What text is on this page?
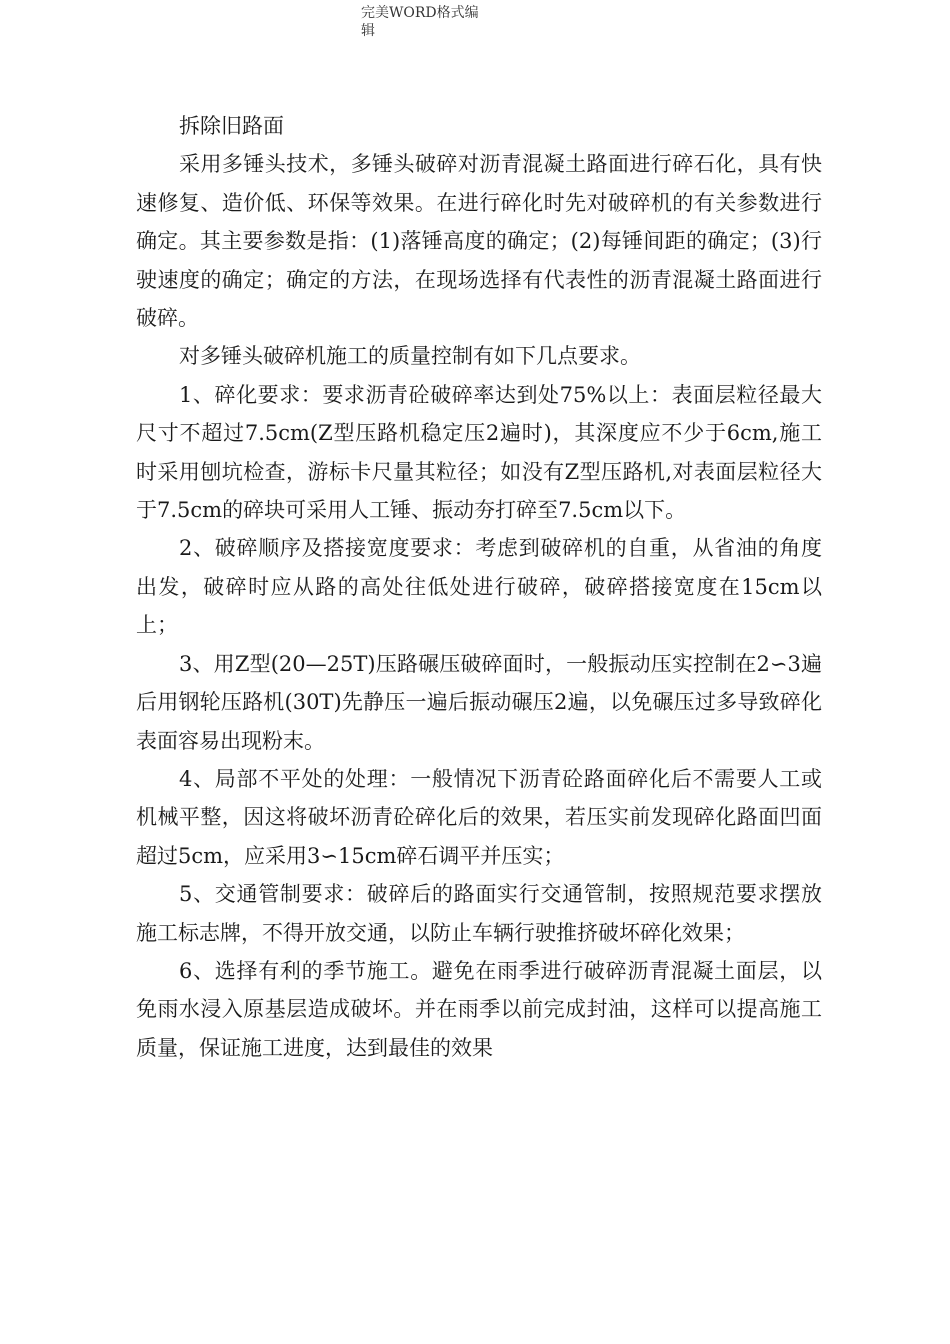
完美WORD格式编
辑

拆除旧路面

采用多锤头技术，多锤头破碎对沥青混凝土路面进行碎石化，具有快速修复、造价低、环保等效果。在进行碎化时先对破碎机的有关参数进行确定。其主要参数是指：(1)落锤高度的确定；(2)每锤间距的确定；(3)行驶速度的确定；确定的方法，在现场选择有代表性的沥青混凝土路面进行破碎。

对多锤头破碎机施工的质量控制有如下几点要求。

1、碎化要求：要求沥青砼破碎率达到处75%以上：表面层粒径最大尺寸不超过7.5cm(Z型压路机稳定压2遍时)，其深度应不少于6cm,施工时采用刨坑检查，游标卡尺量其粒径；如没有Z型压路机,对表面层粒径大于7.5cm的碎块可采用人工锤、振动夯打碎至7.5cm以下。

2、破碎顺序及搭接宽度要求：考虑到破碎机的自重，从省油的角度出发，破碎时应从路的高处往低处进行破碎，破碎搭接宽度在15cm以上；

3、用Z型(20—25T)压路碾压破碎面时，一般振动压实控制在2∽3遍后用钢轮压路机(30T)先静压一遍后振动碾压2遍，以免碾压过多导致碎化表面容易出现粉末。

4、局部不平处的处理：一般情况下沥青砼路面碎化后不需要人工或机械平整，因这将破坏沥青砼碎化后的效果，若压实前发现碎化路面凹面超过5cm，应采用3∽15cm碎石调平并压实；

5、交通管制要求：破碎后的路面实行交通管制，按照规范要求摆放施工标志牌，不得开放交通，以防止车辆行驶推挤破坏碎化效果；

6、选择有利的季节施工。避免在雨季进行破碎沥青混凝土面层，以免雨水浸入原基层造成破坏。并在雨季以前完成封油，这样可以提高施工质量，保证施工进度，达到最佳的效果
